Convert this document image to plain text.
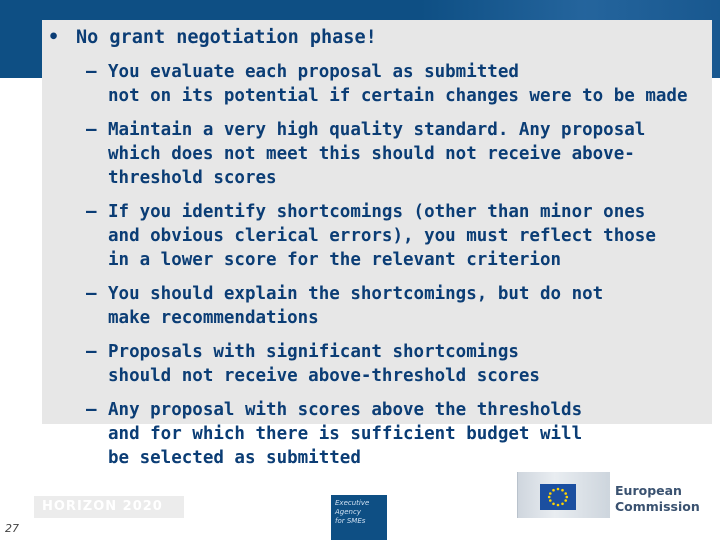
• No grant negotiation phase!
– You evaluate each proposal as submitted
not on its potential if certain changes were to be made
– Maintain a very high quality standard. Any proposal
which does not meet this should not receive above-
threshold scores
– If you identify shortcomings (other than minor ones
and obvious clerical errors), you must reflect those
in a lower score for the relevant criterion
– You should explain the shortcomings, but do not
make recommendations
– Proposals with significant shortcomings
should not receive above-threshold scores
– Any proposal with scores above the thresholds
and for which there is sufficient budget will
be selected as submitted
HORIZON 2020
27
Executive
Agency
for SMEs
European
Commission
